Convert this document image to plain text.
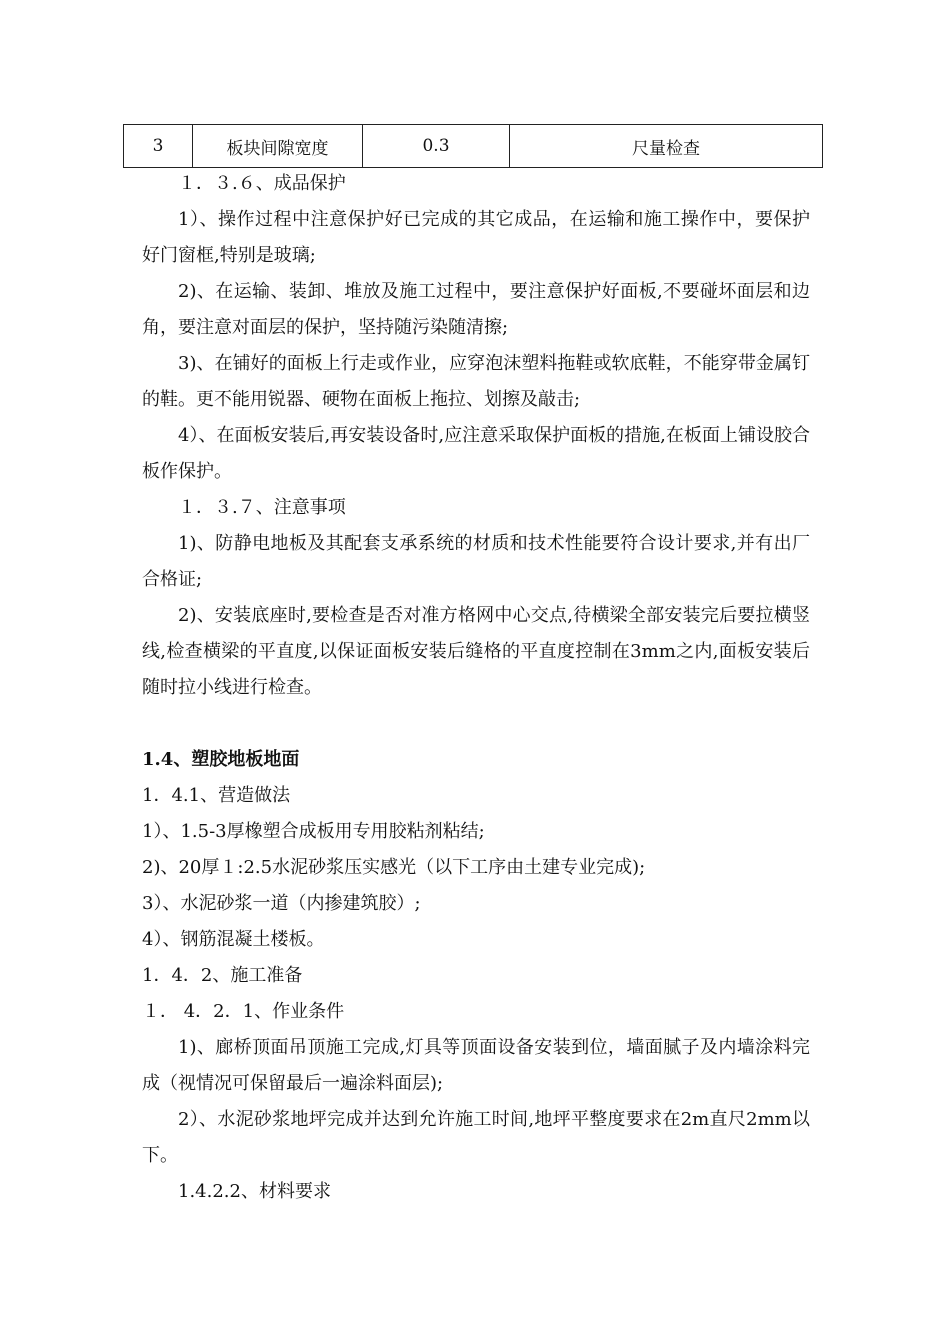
3	板块间隙宽度	0.3	尺量检查

１．３.６、成品保护

1）、操作过程中注意保护好已完成的其它成品，在运输和施工操作中，要保护好门窗框,特别是玻璃;

2)、在运输、装卸、堆放及施工过程中，要注意保护好面板,不要碰坏面层和边角，要注意对面层的保护，坚持随污染随清擦;

3)、在铺好的面板上行走或作业，应穿泡沫塑料拖鞋或软底鞋，不能穿带金属钉的鞋。更不能用锐器、硬物在面板上拖拉、划擦及敲击;

4）、在面板安装后,再安装设备时,应注意采取保护面板的措施,在板面上铺设胶合板作保护。

１．３.７、注意事项

1)、防静电地板及其配套支承系统的材质和技术性能要符合设计要求,并有出厂合格证;

2)、安装底座时,要检查是否对准方格网中心交点,待横梁全部安装完后要拉横竖线,检查横梁的平直度,以保证面板安装后缝格的平直度控制在3mm之内,面板安装后随时拉小线进行检查。

1.4、塑胶地板地面

1．4.1、营造做法

1）、1.5-3厚橡塑合成板用专用胶粘剂粘结;

2)、20厚１:2.5水泥砂浆压实感光（以下工序由土建专业完成);

3）、水泥砂浆一道（内掺建筑胶）;

4）、钢筋混凝土楼板。

1．4．2、施工准备

１． 4．2．1、作业条件

1)、廊桥顶面吊顶施工完成,灯具等顶面设备安装到位，墙面腻子及内墙涂料完成（视情况可保留最后一遍涂料面层);

2）、水泥砂浆地坪完成并达到允许施工时间,地坪平整度要求在2m直尺2mm以下。

1.4.2.2、材料要求
